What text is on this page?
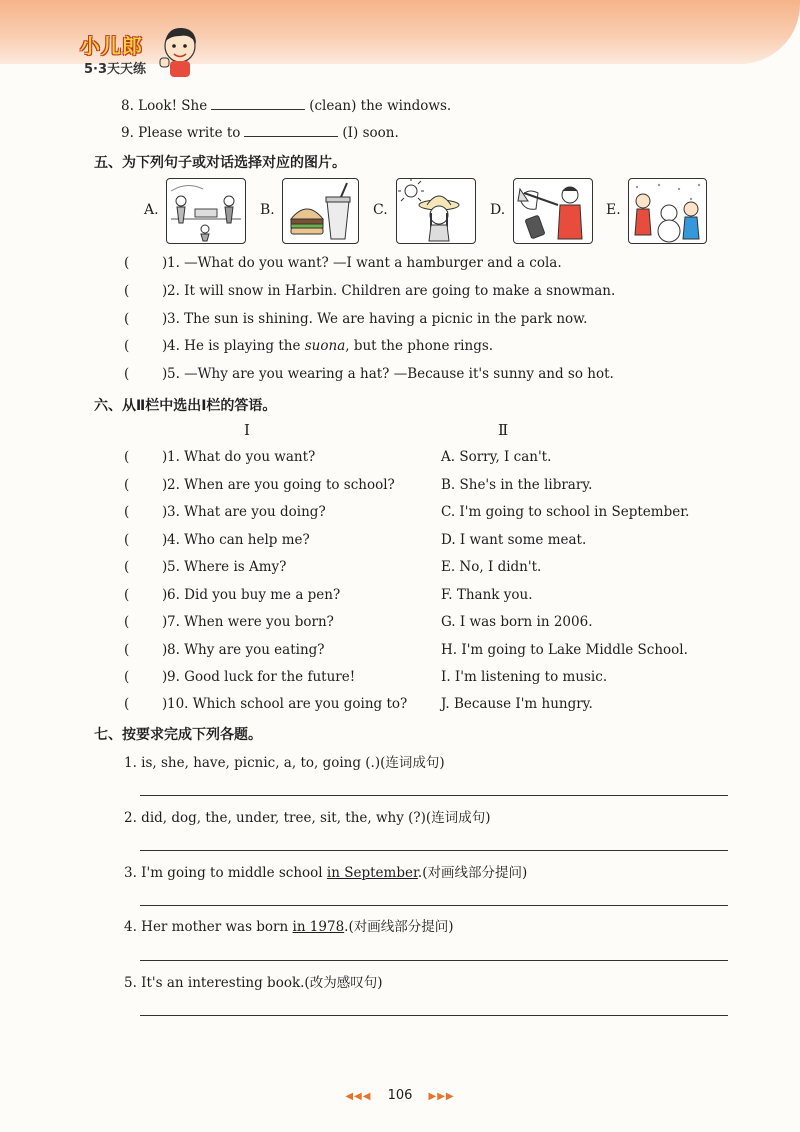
小儿郎
5·3天天练
8. Look! She	(clean) the windows.
9. Please write to	(I) soon.
五、为下列句子或对话选择对应的图片。
A.	B.	C.	D.	E.
( ) 1. —What do you want? —I want a hamburger and a cola.
( ) 2. It will snow in Harbin. Children are going to make a snowman.
( ) 3. The sun is shining. We are having a picnic in the park now.
( ) 4. He is playing the suona, but the phone rings.
( ) 5. —Why are you wearing a hat? —Because it's sunny and so hot.
六、从Ⅱ栏中选出Ⅰ栏的答语。
I	Ⅱ
( ) 1. What do you want?	A. Sorry, I can't.
( ) 2. When are you going to school?	B. She's in the library.
( ) 3. What are you doing?	C. I'm going to school in September.
( ) 4. Who can help me?	D. I want some meat.
( ) 5. Where is Amy?	E. No, I didn't.
( ) 6. Did you buy me a pen?	F. Thank you.
( ) 7. When were you born?	G. I was born in 2006.
( ) 8. Why are you eating?	H. I'm going to Lake Middle School.
( ) 9. Good luck for the future!	I. I'm listening to music.
( ) 10. Which school are you going to? J. Because I'm hungry.
七、按要求完成下列各题。
1. is, she, have, picnic, a, to, going (.)(连词成句)
2. did, dog, the, under, tree, sit, the, why (?)(连词成句)
3. I'm going to middle school in September.(对画线部分提问)
4. Her mother was born in 1978.(对画线部分提问)
5. It's an interesting book.(改为感叹句)
◀◀◀ 106 ▶▶▶
